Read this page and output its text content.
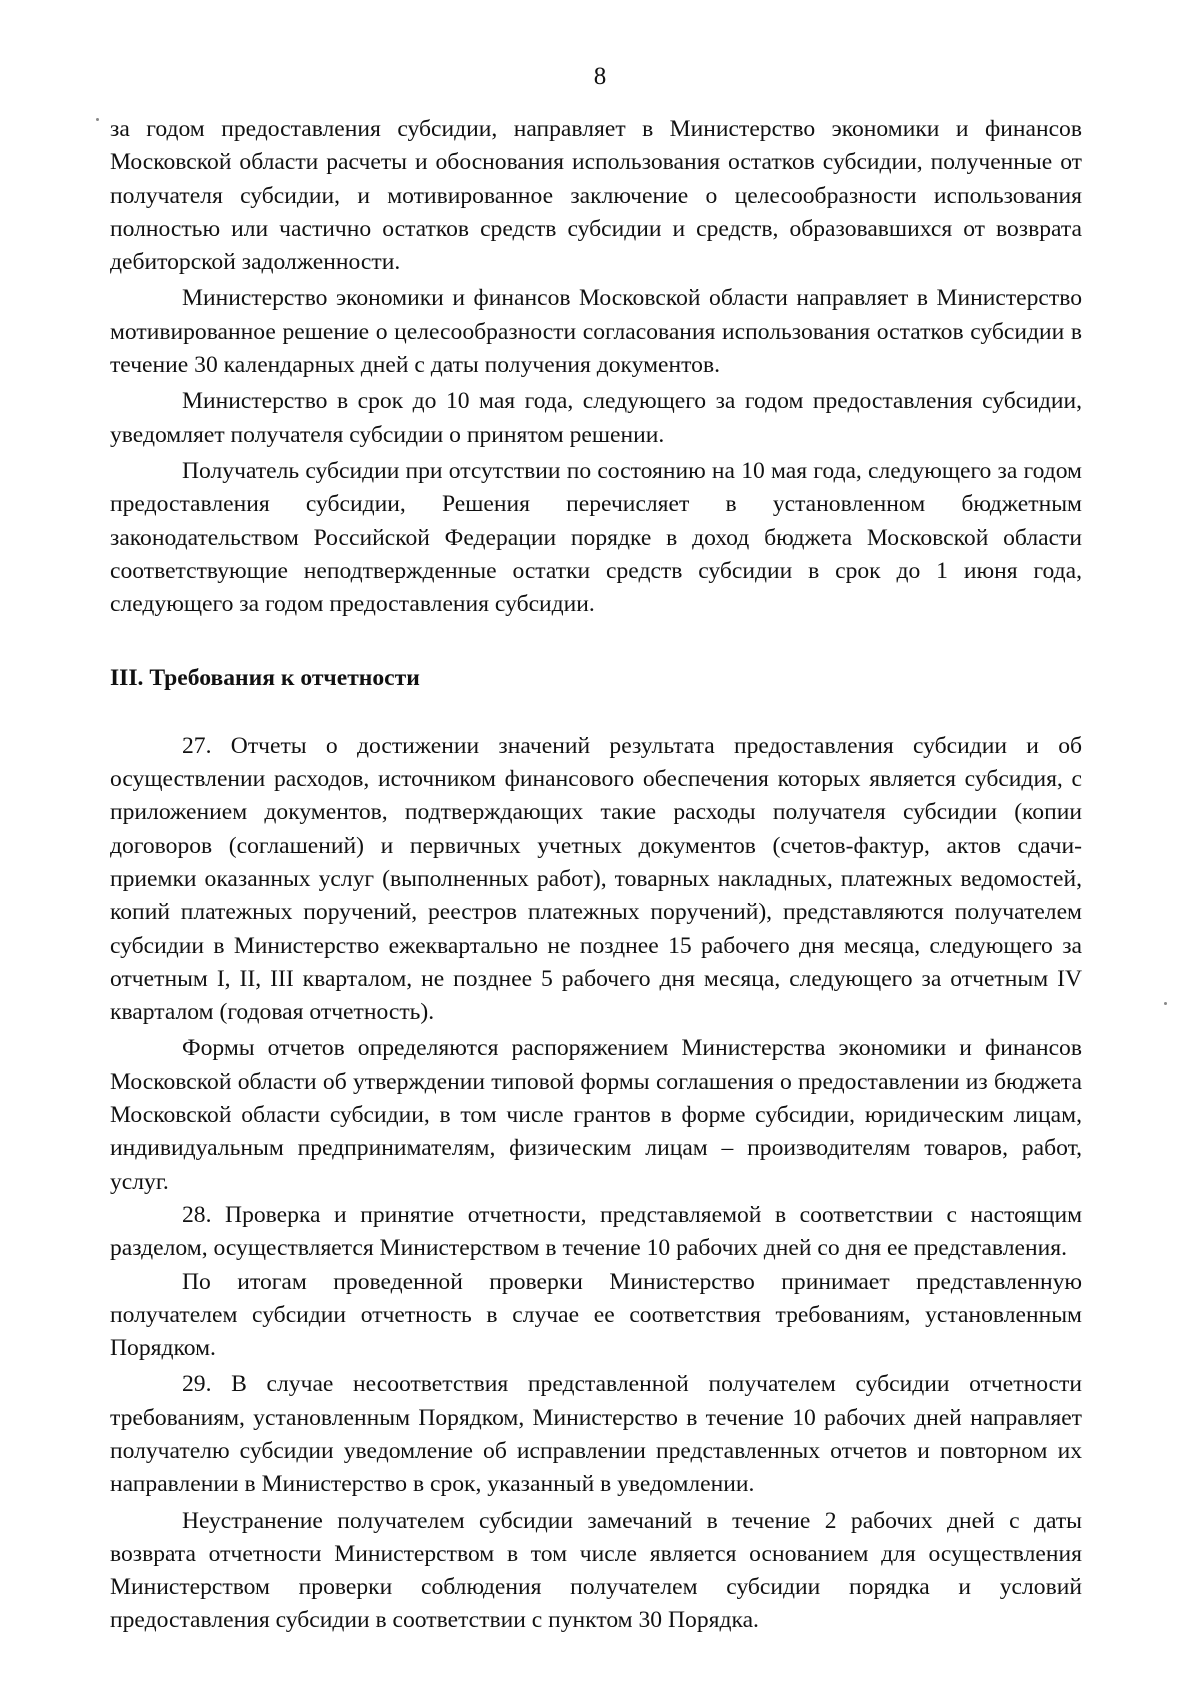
8

за годом предоставления субсидии, направляет в Министерство экономики и финансов Московской области расчеты и обоснования использования остатков субсидии, полученные от получателя субсидии, и мотивированное заключение о целесообразности использования полностью или частично остатков средств субсидии и средств, образовавшихся от возврата дебиторской задолженности.

Министерство экономики и финансов Московской области направляет в Министерство мотивированное решение о целесообразности согласования использования остатков субсидии в течение 30 календарных дней с даты получения документов.

Министерство в срок до 10 мая года, следующего за годом предоставления субсидии, уведомляет получателя субсидии о принятом решении.

Получатель субсидии при отсутствии по состоянию на 10 мая года, следующего за годом предоставления субсидии, Решения перечисляет в установленном бюджетным законодательством Российской Федерации порядке в доход бюджета Московской области соответствующие неподтвержденные остатки средств субсидии в срок до 1 июня года, следующего за годом предоставления субсидии.

III. Требования к отчетности

27. Отчеты о достижении значений результата предоставления субсидии и об осуществлении расходов, источником финансового обеспечения которых является субсидия, с приложением документов, подтверждающих такие расходы получателя субсидии (копии договоров (соглашений) и первичных учетных документов (счетов-фактур, актов сдачи-приемки оказанных услуг (выполненных работ), товарных накладных, платежных ведомостей, копий платежных поручений, реестров платежных поручений), представляются получателем субсидии в Министерство ежеквартально не позднее 15 рабочего дня месяца, следующего за отчетным I, II, III кварталом, не позднее 5 рабочего дня месяца, следующего за отчетным IV кварталом (годовая отчетность).

Формы отчетов определяются распоряжением Министерства экономики и финансов Московской области об утверждении типовой формы соглашения о предоставлении из бюджета Московской области субсидии, в том числе грантов в форме субсидии, юридическим лицам, индивидуальным предпринимателям, физическим лицам – производителям товаров, работ, услуг.

28. Проверка и принятие отчетности, представляемой в соответствии с настоящим разделом, осуществляется Министерством в течение 10 рабочих дней со дня ее представления.

По итогам проведенной проверки Министерство принимает представленную получателем субсидии отчетность в случае ее соответствия требованиям, установленным Порядком.

29. В случае несоответствия представленной получателем субсидии отчетности требованиям, установленным Порядком, Министерство в течение 10 рабочих дней направляет получателю субсидии уведомление об исправлении представленных отчетов и повторном их направлении в Министерство в срок, указанный в уведомлении.

Неустранение получателем субсидии замечаний в течение 2 рабочих дней с даты возврата отчетности Министерством в том числе является основанием для осуществления Министерством проверки соблюдения получателем субсидии порядка и условий предоставления субсидии в соответствии с пунктом 30 Порядка.
